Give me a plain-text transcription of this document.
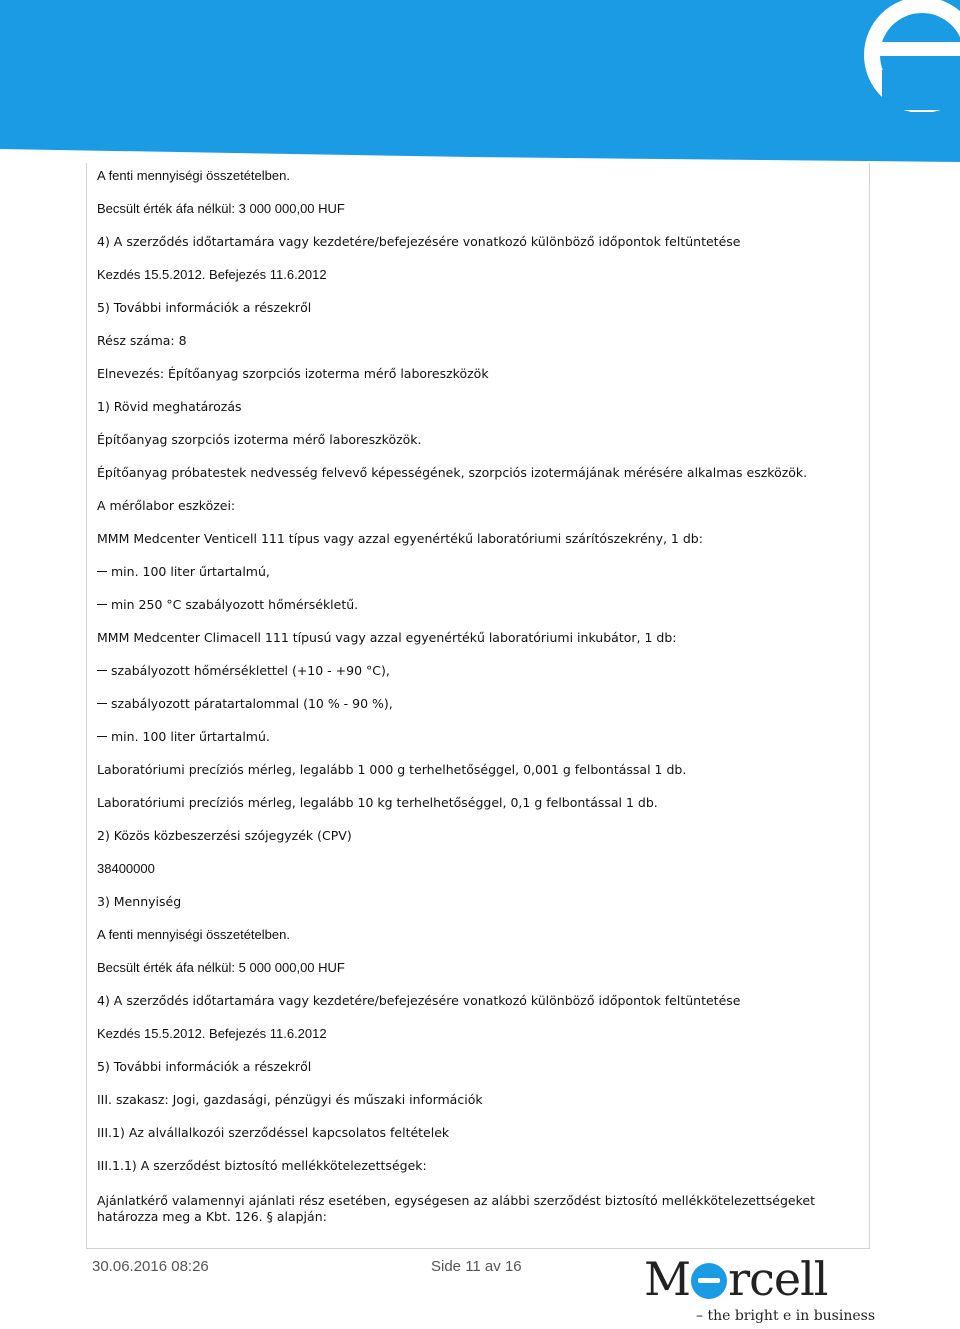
A fenti mennyiségi összetételben.
Becsült érték áfa nélkül: 3 000 000,00 HUF
4) A szerződés időtartamára vagy kezdetére/befejezésére vonatkozó különböző időpontok feltüntetése
Kezdés 15.5.2012. Befejezés 11.6.2012
5) További információk a részekről
Rész száma: 8
Elnevezés: Építőanyag szorpciós izoterma mérő laboreszközök
1) Rövid meghatározás
Építőanyag szorpciós izoterma mérő laboreszközök.
Építőanyag próbatestek nedvesség felvevő képességének, szorpciós izotermájának mérésére alkalmas eszközök.
A mérőlabor eszközei:
MMM Medcenter Venticell 111 típus vagy azzal egyenértékű laboratóriumi szárítószekrény, 1 db:
min. 100 liter űrtartalmú,
min 250 °C szabályozott hőmérsékletű.
MMM Medcenter Climacell 111 típusú vagy azzal egyenértékű laboratóriumi inkubátor, 1 db:
szabályozott hőmérséklettel (+10 - +90 °C),
szabályozott páratartalommal (10 % - 90 %),
min. 100 liter űrtartalmú.
Laboratóriumi precíziós mérleg, legalább 1 000 g terhelhetőséggel, 0,001 g felbontással 1 db.
Laboratóriumi precíziós mérleg, legalább 10 kg terhelhetőséggel, 0,1 g felbontással 1 db.
2) Közös közbeszerzési szójegyzék (CPV)
38400000
3) Mennyiség
A fenti mennyiségi összetételben.
Becsült érték áfa nélkül: 5 000 000,00 HUF
4) A szerződés időtartamára vagy kezdetére/befejezésére vonatkozó különböző időpontok feltüntetése
Kezdés 15.5.2012. Befejezés 11.6.2012
5) További információk a részekről
III. szakasz: Jogi, gazdasági, pénzügyi és műszaki információk
III.1) Az alvállalkozói szerződéssel kapcsolatos feltételek
III.1.1) A szerződést biztosító mellékkötelezettségek:
Ajánlatkérő valamennyi ajánlati rész esetében, egységesen az alábbi szerződést biztosító mellékkötelezettségeket határozza meg a Kbt. 126. § alapján:
30.06.2016 08:26	Side 11 av 16	M rcell
– the bright e in business
